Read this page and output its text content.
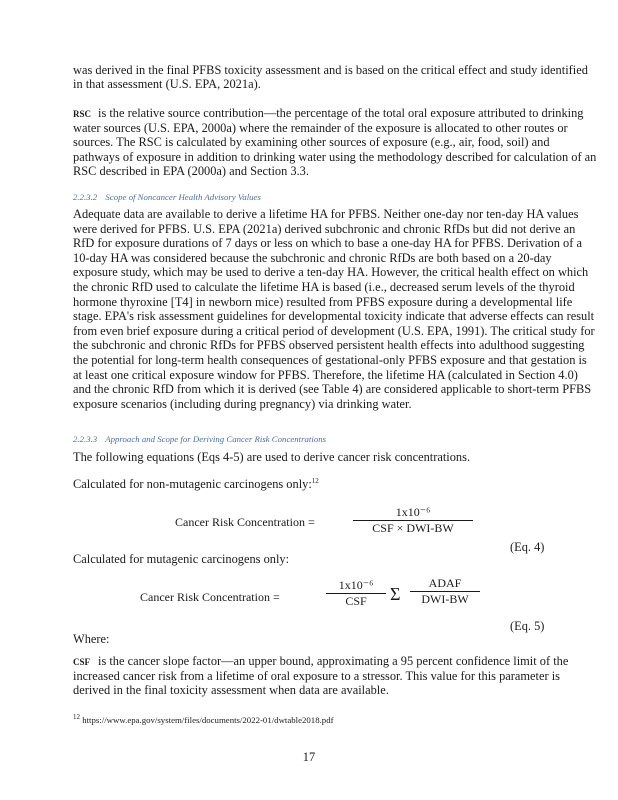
was derived in the final PFBS toxicity assessment and is based on the critical effect and study identified in that assessment (U.S. EPA, 2021a).

RSC is the relative source contribution—the percentage of the total oral exposure attributed to drinking water sources (U.S. EPA, 2000a) where the remainder of the exposure is allocated to other routes or sources. The RSC is calculated by examining other sources of exposure (e.g., air, food, soil) and pathways of exposure in addition to drinking water using the methodology described for calculation of an RSC described in EPA (2000a) and Section 3.3.

2.2.3.2 Scope of Noncancer Health Advisory Values

Adequate data are available to derive a lifetime HA for PFBS. Neither one-day nor ten-day HA values were derived for PFBS. U.S. EPA (2021a) derived subchronic and chronic RfDs but did not derive an RfD for exposure durations of 7 days or less on which to base a one-day HA for PFBS. Derivation of a 10-day HA was considered because the subchronic and chronic RfDs are both based on a 20-day exposure study, which may be used to derive a ten-day HA. However, the critical health effect on which the chronic RfD used to calculate the lifetime HA is based (i.e., decreased serum levels of the thyroid hormone thyroxine [T4] in newborn mice) resulted from PFBS exposure during a developmental life stage. EPA's risk assessment guidelines for developmental toxicity indicate that adverse effects can result from even brief exposure during a critical period of development (U.S. EPA, 1991). The critical study for the subchronic and chronic RfDs for PFBS observed persistent health effects into adulthood suggesting the potential for long-term health consequences of gestational-only PFBS exposure and that gestation is at least one critical exposure window for PFBS. Therefore, the lifetime HA (calculated in Section 4.0) and the chronic RfD from which it is derived (see Table 4) are considered applicable to short-term PFBS exposure scenarios (including during pregnancy) via drinking water.

2.2.3.3 Approach and Scope for Deriving Cancer Risk Concentrations

The following equations (Eqs 4-5) are used to derive cancer risk concentrations.

Calculated for non-mutagenic carcinogens only:$^{12}$

Cancer Risk Concentration =
1x10⁻⁶
CSF × DWI-BW
(Eq. 4)

Calculated for mutagenic carcinogens only:

Cancer Risk Concentration =
1x10⁻⁶
CSF	Σ
ADAF
DWI-BW
(Eq. 5)

Where:

CSF is the cancer slope factor—an upper bound, approximating a 95 percent confidence limit of the increased cancer risk from a lifetime of oral exposure to a stressor. This value for this parameter is derived in the final toxicity assessment when data are available.

$^{12}$ https://www.epa.gov/system/files/documents/2022-01/dwtable2018.pdf
17
